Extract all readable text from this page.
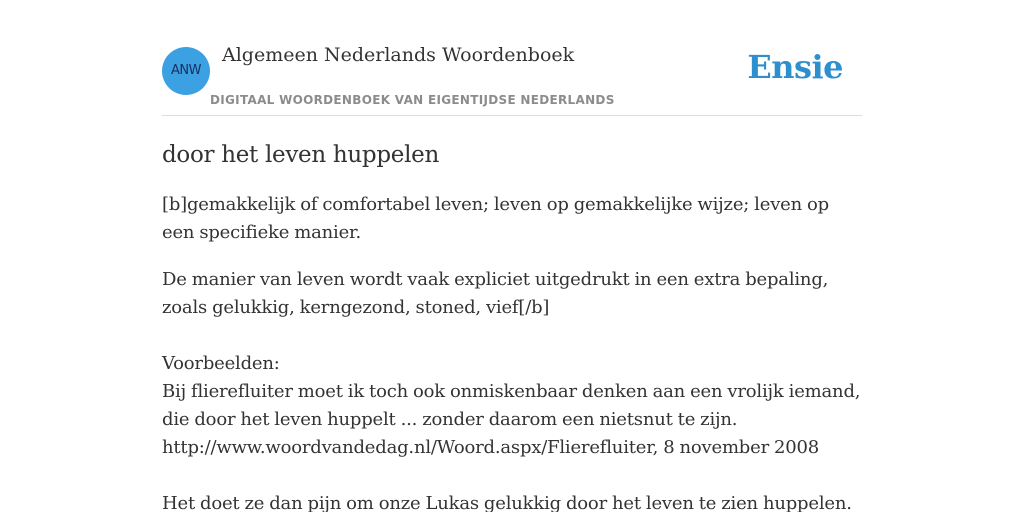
ANW
Algemeen Nederlands Woordenboek
DIGITAAL WOORDENBOEK VAN EIGENTIJDSE NEDERLANDS
Ensie
door het leven huppelen

[b]gemakkelijk of comfortabel leven; leven op gemakkelijke wijze; leven op een specifieke manier.

De manier van leven wordt vaak expliciet uitgedrukt in een extra bepaling, zoals gelukkig, kerngezond, stoned, vief[/b]

Voorbeelden:

Bij flierefluiter moet ik toch ook onmiskenbaar denken aan een vrolijk iemand, die door het leven huppelt ... zonder daarom een nietsnut te zijn.

http://www.woordvandedag.nl/Woord.aspx/Flierefluiter, 8 november 2008

Het doet ze dan pijn om onze Lukas gelukkig door het leven te zien huppelen.
